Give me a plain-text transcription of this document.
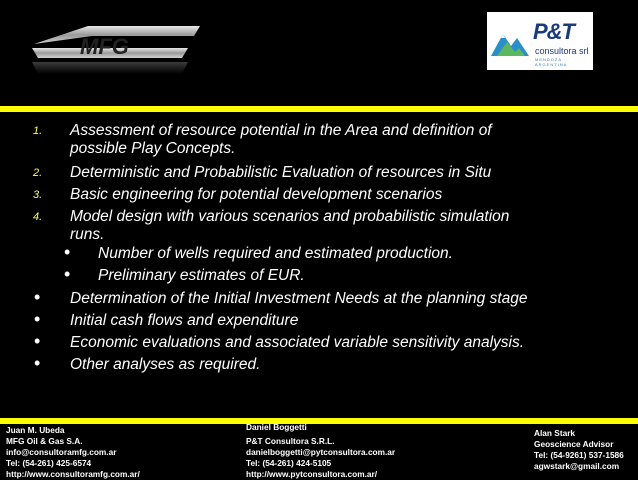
MFG
.	P&T
consultora srl
MENDOZA · ARGENTINA
1. Assessment of resource potential in the Area and definition of
possible Play Concepts.
2. Deterministic and Probabilistic Evaluation of resources in Situ
3. Basic engineering for potential development scenarios
4. Model design with various scenarios and probabilistic simulation
runs.
• Number of wells required and estimated production.
• Preliminary estimates of EUR.
• Determination of the Initial Investment Needs at the planning stage
• Initial cash flows and expenditure
• Economic evaluations and associated variable sensitivity analysis.
• Other analyses as required.
Juan M. Ubeda
MFG Oil & Gas S.A.
info@consultoramfg.com.ar
Tel: (54-261) 425-6574
http://www.consultoramfg.com.ar/
Daniel Boggetti
P&T Consultora S.R.L.
danielboggetti@pytconsultora.com.ar
Tel: (54-261) 424-5105
http://www.pytconsultora.com.ar/
Alan Stark
Geoscience Advisor
Tel: (54-9261) 537-1586
agwstark@gmail.com
